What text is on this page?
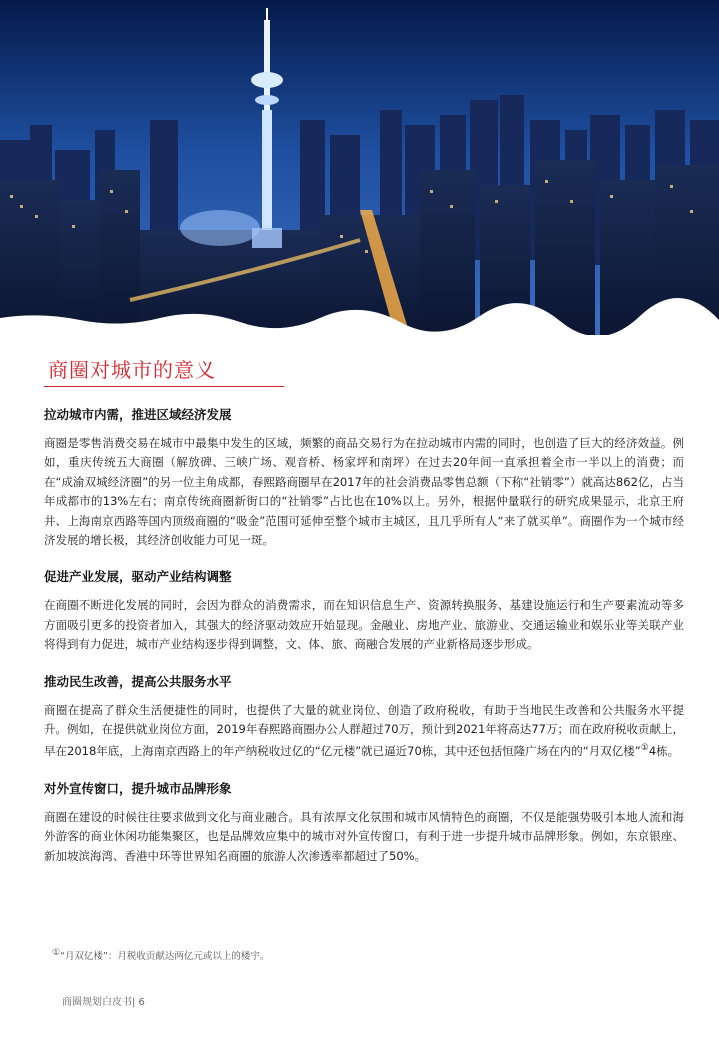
商圈对城市的意义
拉动城市内需，推进区域经济发展

商圈是零售消费交易在城市中最集中发生的区域，频繁的商品交易行为在拉动城市内需的同时，也创造了巨大的经济效益。例如，重庆传统五大商圈（解放碑、三峡广场、观音桥、杨家坪和南坪）在过去20年间一直承担着全市一半以上的消费；而在“成渝双城经济圈”的另一位主角成都，春熙路商圈早在2017年的社会消费品零售总额（下称“社销零”）就高达862亿，占当年成都市的13%左右；南京传统商圈新街口的“社销零”占比也在10%以上。另外，根据仲量联行的研究成果显示，北京王府井、上海南京西路等国内顶级商圈的“吸金”范围可延伸至整个城市主城区，且几乎所有人“来了就买单”。商圈作为一个城市经济发展的增长极，其经济创收能力可见一斑。

促进产业发展，驱动产业结构调整

在商圈不断进化发展的同时，会因为群众的消费需求，而在知识信息生产、资源转换服务、基建设施运行和生产要素流动等多方面吸引更多的投资者加入，其强大的经济驱动效应开始显现。金融业、房地产业、旅游业、交通运输业和娱乐业等关联产业将得到有力促进，城市产业结构逐步得到调整，文、体、旅、商融合发展的产业新格局逐步形成。

推动民生改善，提高公共服务水平

商圈在提高了群众生活便捷性的同时，也提供了大量的就业岗位、创造了政府税收，有助于当地民生改善和公共服务水平提升。例如，在提供就业岗位方面，2019年春熙路商圈办公人群超过70万，预计到2021年将高达77万；而在政府税收贡献上，早在2018年底，上海南京西路上的年产纳税收过亿的“亿元楼”就已逼近70栋，其中还包括恒隆广场在内的“月双亿楼”①4栋。

对外宣传窗口，提升城市品牌形象

商圈在建设的时候往往要求做到文化与商业融合。具有浓厚文化氛围和城市风情特色的商圈，不仅是能强势吸引本地人流和海外游客的商业休闲功能集聚区，也是品牌效应集中的城市对外宣传窗口，有利于进一步提升城市品牌形象。例如，东京银座、新加坡滨海湾、香港中环等世界知名商圈的旅游人次渗透率都超过了50%。

①“月双亿楼”：月税收贡献达两亿元或以上的楼宇。
商圈规划白皮书| 6
